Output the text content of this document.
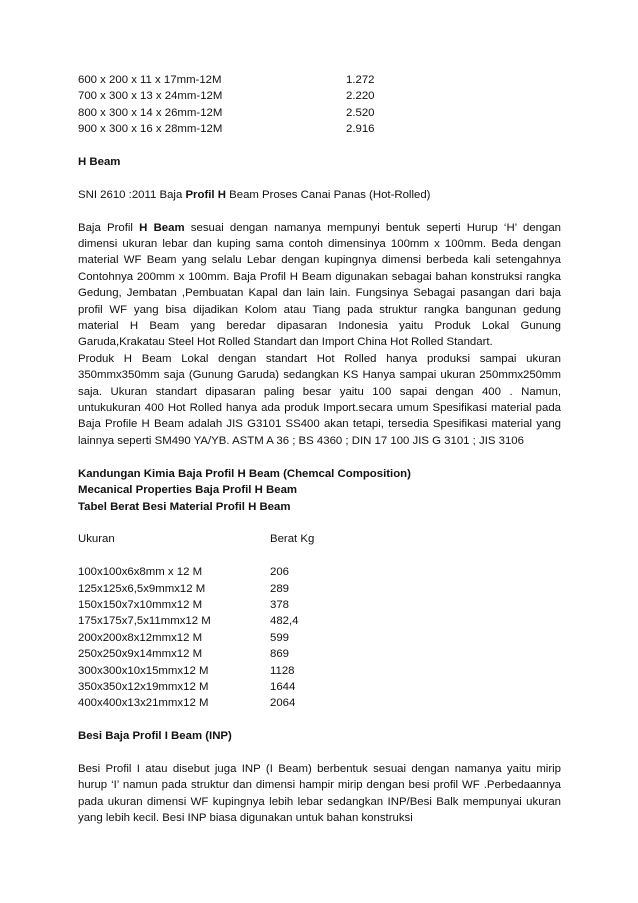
600 x 200 x 11 x 17mm-12M	1.272
700 x 300 x 13 x 24mm-12M	2.220
800 x 300 x 14 x 26mm-12M	2.520
900 x 300 x 16 x 28mm-12M	2.916
H Beam
SNI 2610 :2011 Baja Profil H Beam Proses Canai Panas (Hot-Rolled)
Baja Profil H Beam sesuai dengan namanya mempunyi bentuk seperti Hurup ‘H’ dengan dimensi ukuran lebar dan kuping sama contoh dimensinya 100mm x 100mm. Beda dengan material WF Beam yang selalu Lebar dengan kupingnya dimensi berbeda kali setengahnya Contohnya 200mm x 100mm. Baja Profil H Beam digunakan sebagai bahan konstruksi rangka Gedung, Jembatan ,Pembuatan Kapal dan lain lain. Fungsinya Sebagai pasangan dari baja profil WF yang bisa dijadikan Kolom atau Tiang pada struktur rangka bangunan gedung material H Beam yang beredar dipasaran Indonesia yaitu Produk Lokal Gunung Garuda,Krakatau Steel Hot Rolled Standart dan Import China Hot Rolled Standart.
Produk H Beam Lokal dengan standart Hot Rolled hanya produksi sampai ukuran 350mmx350mm saja (Gunung Garuda) sedangkan KS Hanya sampai ukuran 250mmx250mm saja. Ukuran standart dipasaran paling besar yaitu 100 sapai dengan 400 . Namun, untukukuran 400 Hot Rolled hanya ada produk Import.secara umum Spesifikasi material pada Baja Profile H Beam adalah JIS G3101 SS400 akan tetapi, tersedia Spesifikasi material yang lainnya seperti SM490 YA/YB. ASTM A 36 ; BS 4360 ; DIN 17 100 JIS G 3101 ; JIS 3106
Kandungan Kimia Baja Profil H Beam (Chemcal Composition)
Mecanical Properties Baja Profil H Beam
Tabel Berat Besi Material Profil H Beam
Ukuran	Berat Kg
100x100x6x8mm x 12 M	206
125x125x6,5x9mmx12 M	289
150x150x7x10mmx12 M	378
175x175x7,5x11mmx12 M	482,4
200x200x8x12mmx12 M	599
250x250x9x14mmx12 M	869
300x300x10x15mmx12 M	1128
350x350x12x19mmx12 M	1644
400x400x13x21mmx12 M	2064
Besi Baja Profil I Beam (INP)
Besi Profil I atau disebut juga INP (I Beam) berbentuk sesuai dengan namanya yaitu mirip hurup ‘I’ namun pada struktur dan dimensi hampir mirip dengan besi profil WF .Perbedaannya pada ukuran dimensi WF kupingnya lebih lebar sedangkan INP/Besi Balk mempunyai ukuran yang lebih kecil. Besi INP biasa digunakan untuk bahan konstruksi
